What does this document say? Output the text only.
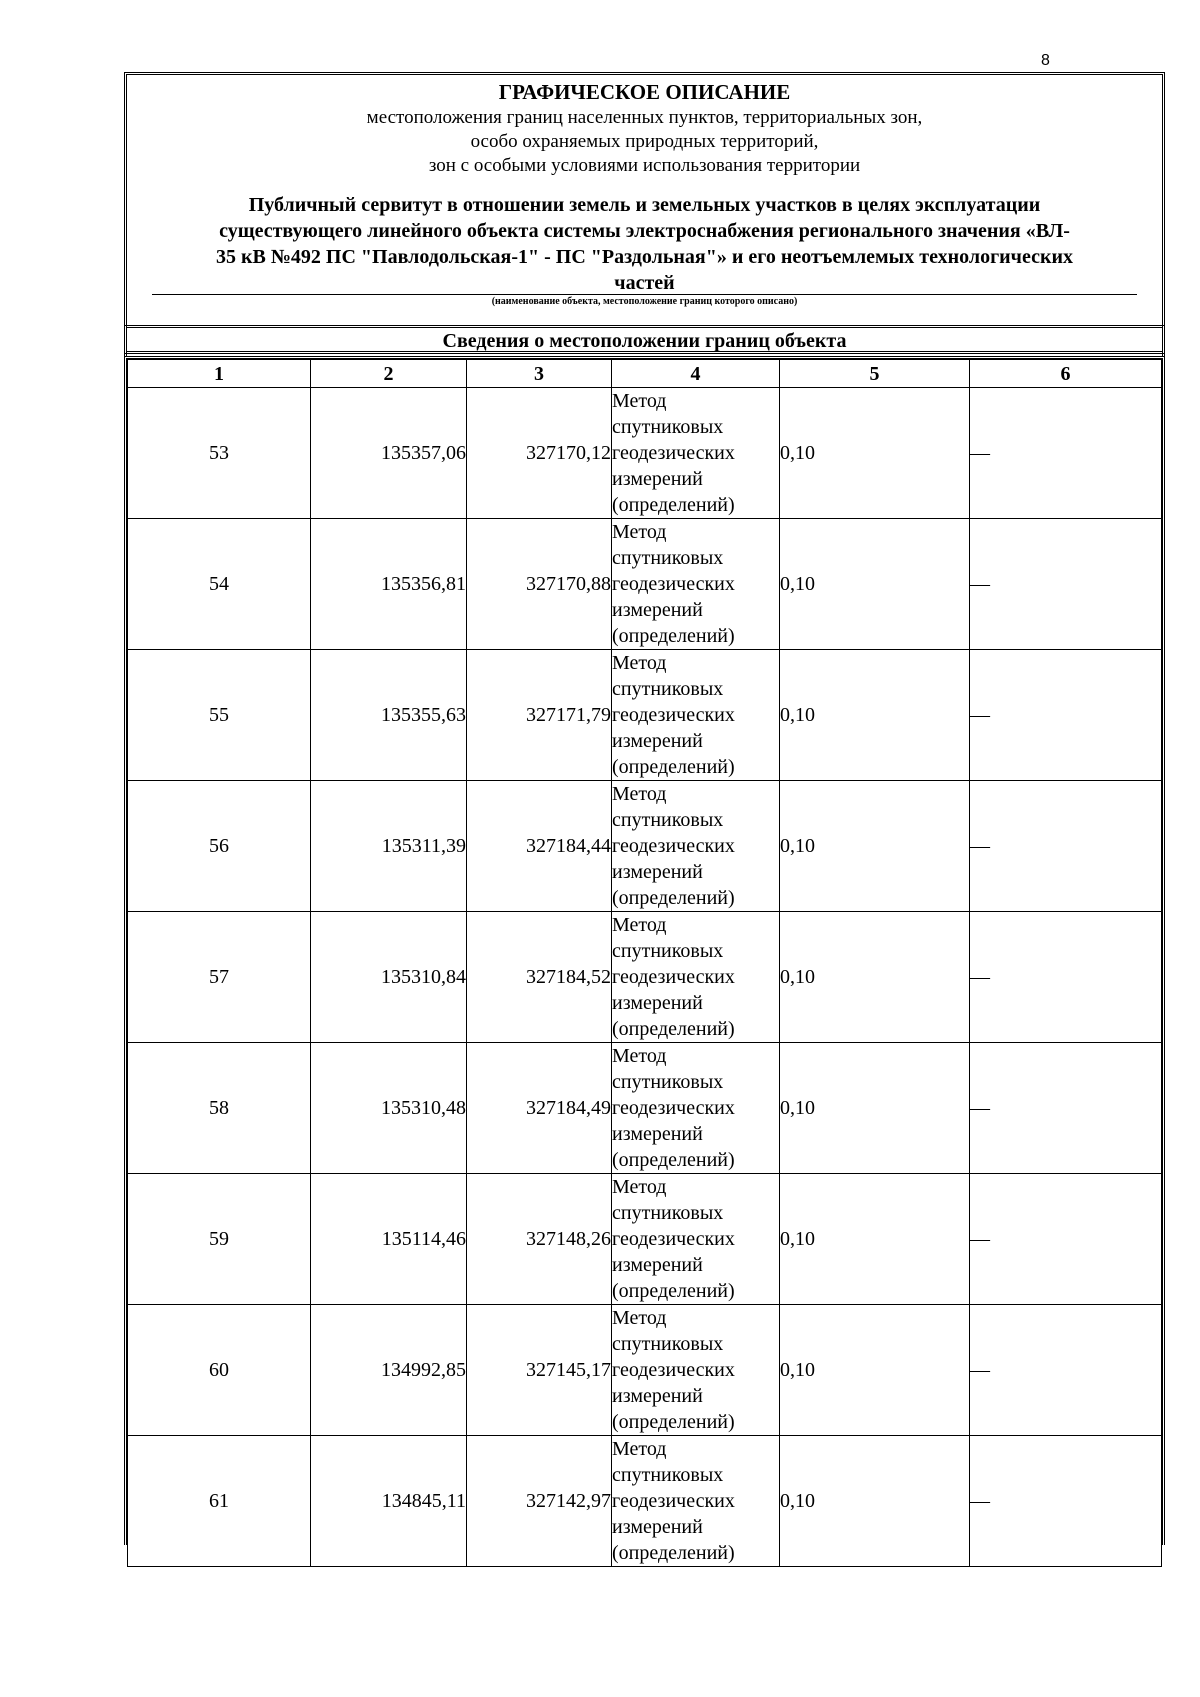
8
ГРАФИЧЕСКОЕ ОПИСАНИЕ
местоположения границ населенных пунктов, территориальных зон,
особо охраняемых природных территорий,
зон с особыми условиями использования территории
Публичный сервитут в отношении земель и земельных участков в целях эксплуатации
существующего линейного объекта системы электроснабжения регионального значения «ВЛ-
35 кВ №492 ПС "Павлодольская-1" - ПС "Раздольная"» и его неотъемлемых технологических
частей
(наименование объекта, местоположение границ которого описано)
Сведения о местоположении границ объекта
1	2	3	4	5	6
53	135357,06	327170,12	Метод
спутниковых
геодезических
измерений
(определений)	0,10	—
54	135356,81	327170,88	Метод
спутниковых
геодезических
измерений
(определений)	0,10	—
55	135355,63	327171,79	Метод
спутниковых
геодезических
измерений
(определений)	0,10	—
56	135311,39	327184,44	Метод
спутниковых
геодезических
измерений
(определений)	0,10	—
57	135310,84	327184,52	Метод
спутниковых
геодезических
измерений
(определений)	0,10	—
58	135310,48	327184,49	Метод
спутниковых
геодезических
измерений
(определений)	0,10	—
59	135114,46	327148,26	Метод
спутниковых
геодезических
измерений
(определений)	0,10	—
60	134992,85	327145,17	Метод
спутниковых
геодезических
измерений
(определений)	0,10	—
61	134845,11	327142,97	Метод
спутниковых
геодезических
измерений
(определений)	0,10	—
